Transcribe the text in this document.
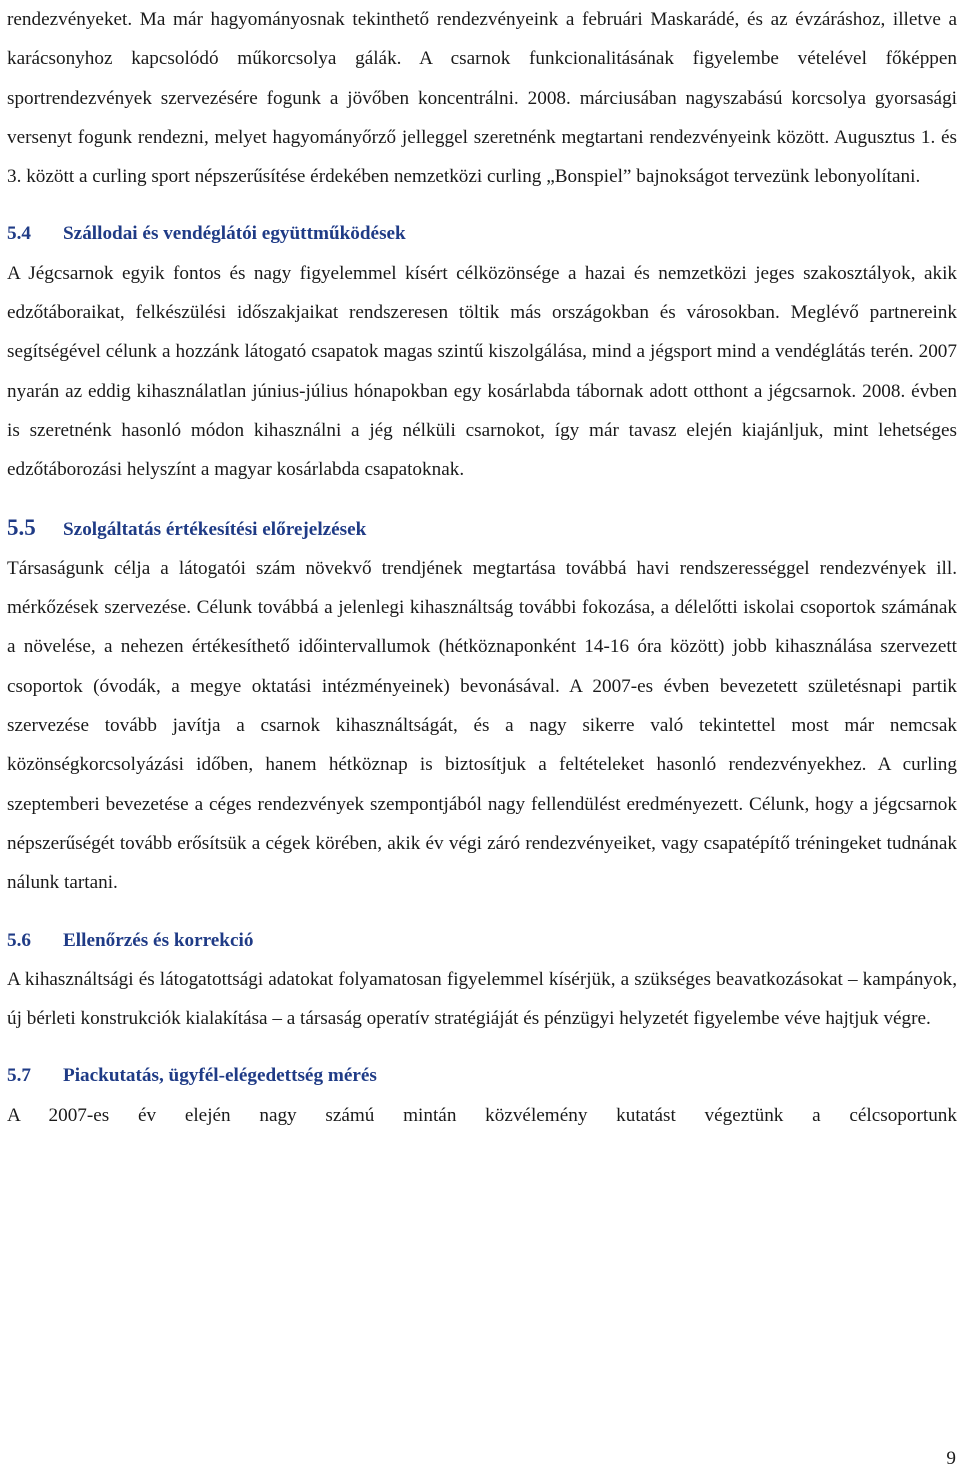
rendezvényeket. Ma már hagyományosnak tekinthető rendezvényeink a februári Maskarádé, és az évzáráshoz, illetve a karácsonyhoz kapcsolódó műkorcsolya gálák. A csarnok funkcionalitásának figyelembe vételével főképpen sportrendezvények szervezésére fogunk a jövőben koncentrálni. 2008. márciusában nagyszabású korcsolya gyorsasági versenyt fogunk rendezni, melyet hagyományőrző jelleggel szeretnénk megtartani rendezvényeink között. Augusztus 1. és 3. között a curling sport népszerűsítése érdekében nemzetközi curling „Bonspiel” bajnokságot tervezünk lebonyolítani.

5.4	Szállodai és vendéglátói együttműködések

A Jégcsarnok egyik fontos és nagy figyelemmel kísért célközönsége a hazai és nemzetközi jeges szakosztályok, akik edzőtáboraikat, felkészülési időszakjaikat rendszeresen töltik más országokban és városokban. Meglévő partnereink segítségével célunk a hozzánk látogató csapatok magas szintű kiszolgálása, mind a jégsport mind a vendéglátás terén. 2007 nyarán az eddig kihasználatlan június-július hónapokban egy kosárlabda tábornak adott otthont a jégcsarnok. 2008. évben is szeretnénk hasonló módon kihasználni a jég nélküli csarnokot, így már tavasz elején kiajánljuk, mint lehetséges edzőtáborozási helyszínt a magyar kosárlabda csapatoknak.

5.5	Szolgáltatás értékesítési előrejelzések

Társaságunk célja a látogatói szám növekvő trendjének megtartása továbbá havi rendszerességgel rendezvények ill. mérkőzések szervezése. Célunk továbbá a jelenlegi kihasználtság további fokozása, a délelőtti iskolai csoportok számának a növelése, a nehezen értékesíthető időintervallumok (hétköznaponként 14-16 óra között) jobb kihasználása szervezett csoportok (óvodák, a megye oktatási intézményeinek) bevonásával. A 2007-es évben bevezetett születésnapi partik szervezése tovább javítja a csarnok kihasználtságát, és a nagy sikerre való tekintettel most már nemcsak közönségkorcsolyázási időben, hanem hétköznap is biztosítjuk a feltételeket hasonló rendezvényekhez. A curling szeptemberi bevezetése a céges rendezvények szempontjából nagy fellendülést eredményezett. Célunk, hogy a jégcsarnok népszerűségét tovább erősítsük a cégek körében, akik év végi záró rendezvényeiket, vagy csapatépítő tréningeket tudnának nálunk tartani.

5.6	Ellenőrzés és korrekció

A kihasználtsági és látogatottsági adatokat folyamatosan figyelemmel kísérjük, a szükséges beavatkozásokat – kampányok, új bérleti konstrukciók kialakítása – a társaság operatív stratégiáját és pénzügyi helyzetét figyelembe véve hajtjuk végre.

5.7	Piackutatás, ügyfél-elégedettség mérés

A 2007-es év elején nagy számú mintán közvélemény kutatást végeztünk a célcsoportunk

9
